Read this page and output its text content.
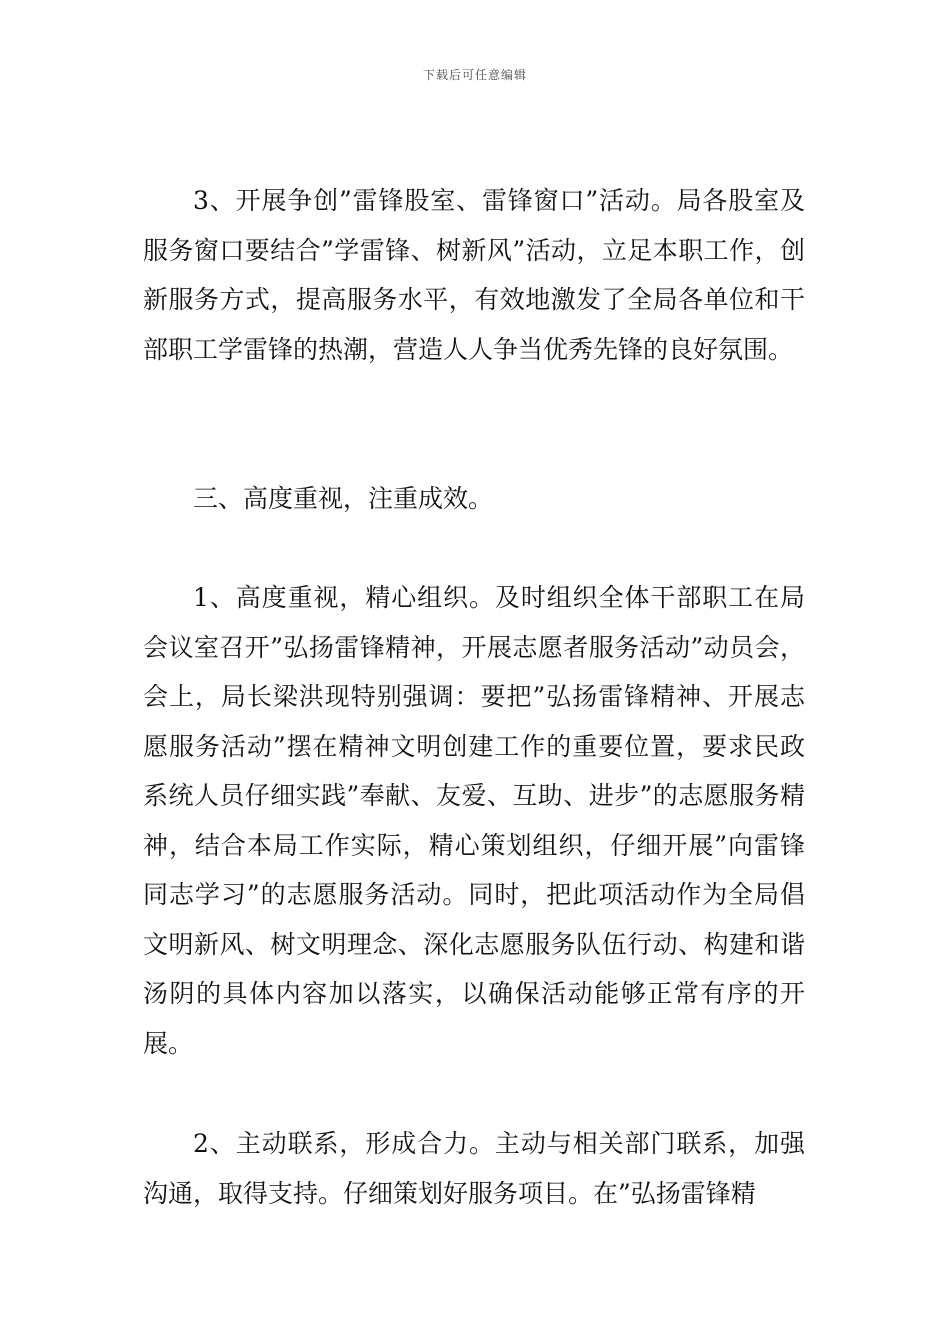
下载后可任意编辑

3、开展争创”雷锋股室、雷锋窗口”活动。局各股室及服务窗口要结合”学雷锋、树新风”活动，立足本职工作，创新服务方式，提高服务水平，有效地激发了全局各单位和干部职工学雷锋的热潮，营造人人争当优秀先锋的良好氛围。

三、高度重视，注重成效。

1、高度重视，精心组织。及时组织全体干部职工在局会议室召开”弘扬雷锋精神，开展志愿者服务活动”动员会，会上，局长梁洪现特别强调：要把”弘扬雷锋精神、开展志愿服务活动”摆在精神文明创建工作的重要位置，要求民政系统人员仔细实践”奉献、友爱、互助、进步”的志愿服务精神，结合本局工作实际，精心策划组织，仔细开展”向雷锋同志学习”的志愿服务活动。同时，把此项活动作为全局倡文明新风、树文明理念、深化志愿服务队伍行动、构建和谐汤阴的具体内容加以落实，以确保活动能够正常有序的开展。

2、主动联系，形成合力。主动与相关部门联系，加强沟通，取得支持。仔细策划好服务项目。在”弘扬雷锋精
